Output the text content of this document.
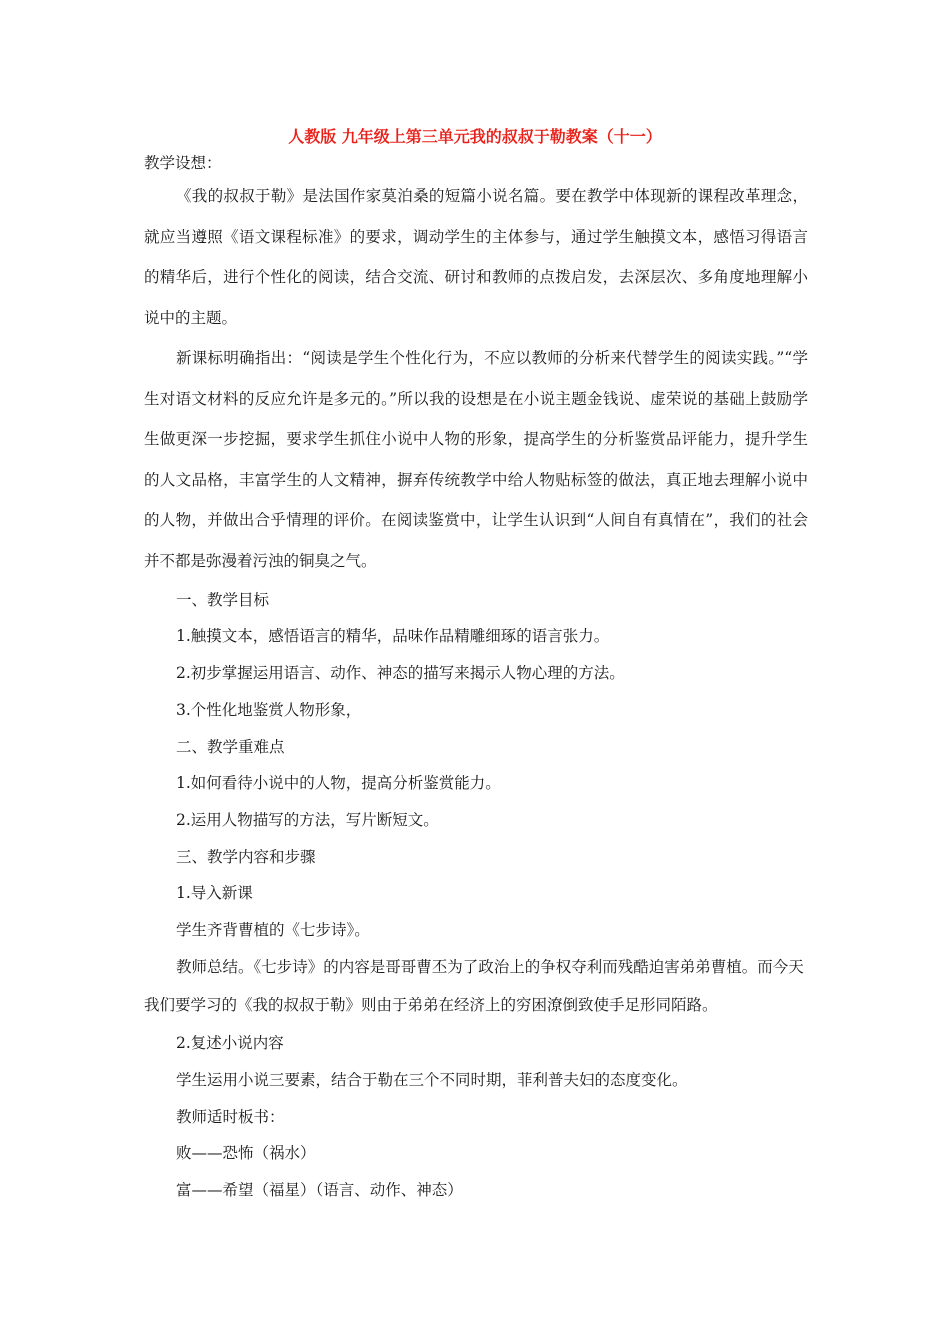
人教版 九年级上第三单元我的叔叔于勒教案（十一）
教学设想：
《我的叔叔于勒》是法国作家莫泊桑的短篇小说名篇。要在教学中体现新的课程改革理念，就应当遵照《语文课程标准》的要求，调动学生的主体参与，通过学生触摸文本，感悟习得语言的精华后，进行个性化的阅读，结合交流、研讨和教师的点拨启发，去深层次、多角度地理解小说中的主题。
新课标明确指出：“阅读是学生个性化行为，不应以教师的分析来代替学生的阅读实践。”“学生对语文材料的反应允许是多元的。”所以我的设想是在小说主题金钱说、虚荣说的基础上鼓励学生做更深一步挖掘，要求学生抓住小说中人物的形象，提高学生的分析鉴赏品评能力，提升学生的人文品格，丰富学生的人文精神，摒弃传统教学中给人物贴标签的做法，真正地去理解小说中的人物，并做出合乎情理的评价。在阅读鉴赏中，让学生认识到“人间自有真情在”，我们的社会并不都是弥漫着污浊的铜臭之气。
一、教学目标
1.触摸文本，感悟语言的精华，品味作品精雕细琢的语言张力。
2.初步掌握运用语言、动作、神态的描写来揭示人物心理的方法。
3.个性化地鉴赏人物形象，
二、教学重难点
1.如何看待小说中的人物，提高分析鉴赏能力。
2.运用人物描写的方法，写片断短文。
三、教学内容和步骤
1.导入新课
学生齐背曹植的《七步诗》。
教师总结。《七步诗》的内容是哥哥曹丕为了政治上的争权夺利而残酷迫害弟弟曹植。而今天我们要学习的《我的叔叔于勒》则由于弟弟在经济上的穷困潦倒致使手足形同陌路。
2.复述小说内容
学生运用小说三要素，结合于勒在三个不同时期，菲利普夫妇的态度变化。
教师适时板书：
败——恐怖（祸水）
富——希望（福星）（语言、动作、神态）
